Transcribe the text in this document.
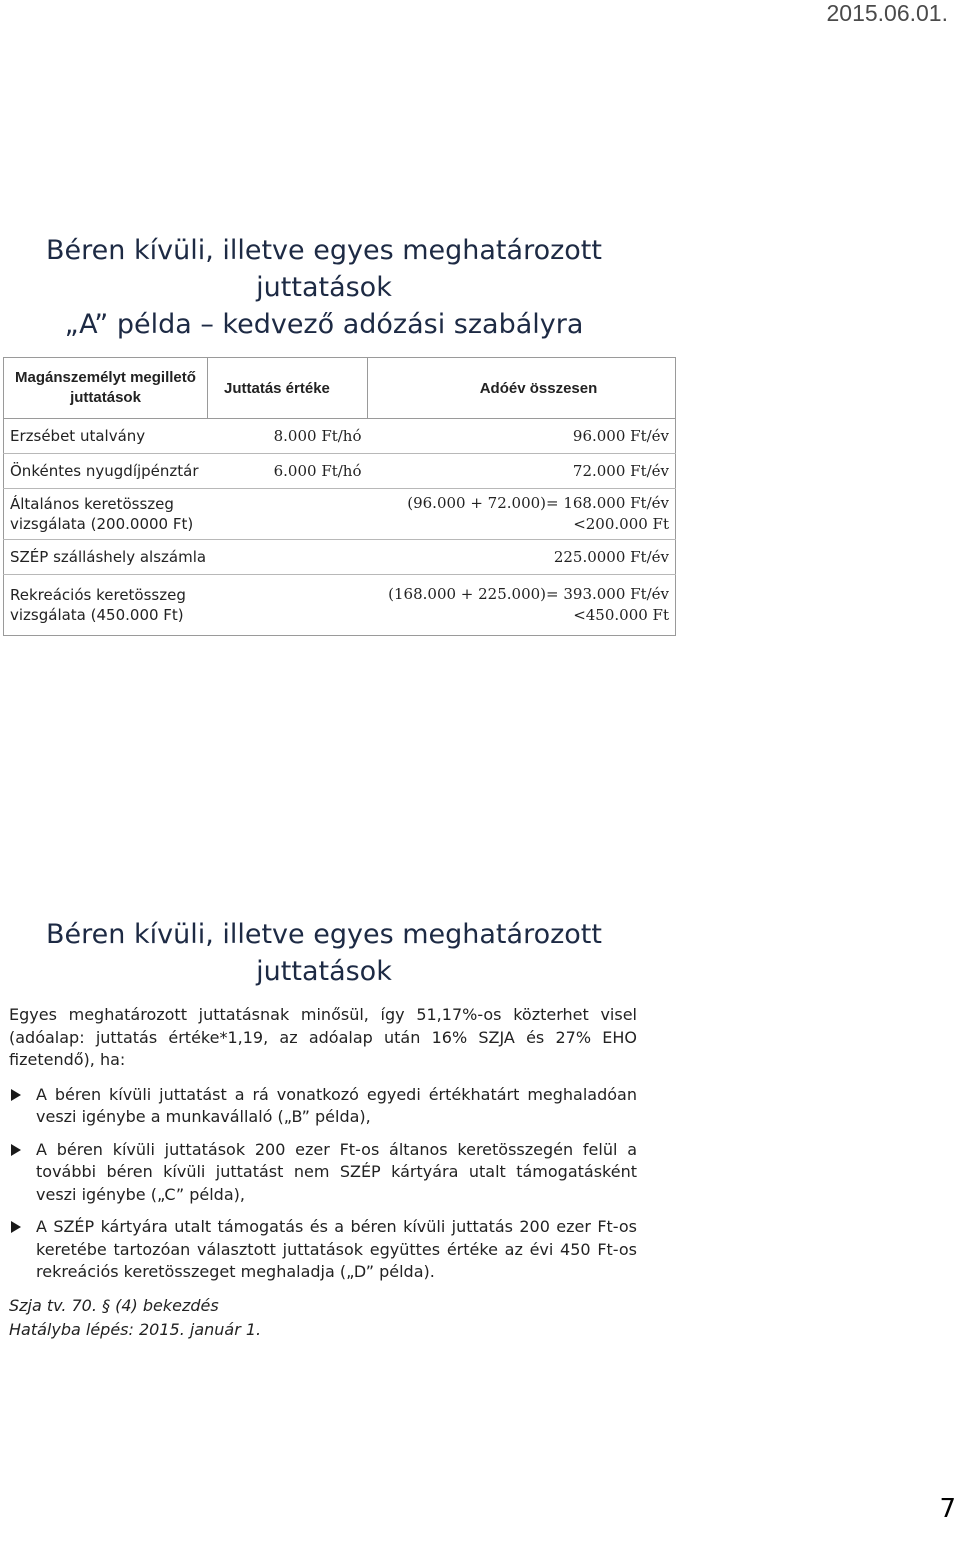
2015.06.01.
Béren kívüli, illetve egyes meghatározott
juttatások
„A” példa – kedvező adózási szabályra
Magánszemélyt megillető juttatások	Juttatás értéke	Adóév összesen
Erzsébet utalvány	8.000 Ft/hó	96.000 Ft/év
Önkéntes nyugdíjpénztár	6.000 Ft/hó	72.000 Ft/év
Általános keretösszeg vizsgálata (200.0000 Ft)		(96.000 + 72.000)= 168.000 Ft/év
<200.000 Ft

SZÉP szálláshely alszámla		225.0000 Ft/év
Rekreációs keretösszeg vizsgálata (450.000 Ft)		(168.000 + 225.000)= 393.000 Ft/év
<450.000 Ft
Béren kívüli, illetve egyes meghatározott
juttatások

Egyes meghatározott juttatásnak minősül, így 51,17%-os közterhet visel (adóalap: juttatás értéke*1,19, az adóalap után 16% SZJA és 27% EHO fizetendő), ha:

A béren kívüli juttatást a rá vonatkozó egyedi értékhatárt meghaladóan veszi igénybe a munkavállaló („B” példa),
A béren kívüli juttatások 200 ezer Ft-os áltanos keretösszegén felül a további béren kívüli juttatást nem SZÉP kártyára utalt támogatásként veszi igénybe („C” példa),
A SZÉP kártyára utalt támogatás és a béren kívüli juttatás 200 ezer Ft-os keretébe tartozóan választott juttatások együttes értéke az évi 450 Ft-os rekreációs keretösszeget meghaladja („D” példa).
Szja tv. 70. § (4) bekezdés
Hatályba lépés: 2015. január 1.
7
